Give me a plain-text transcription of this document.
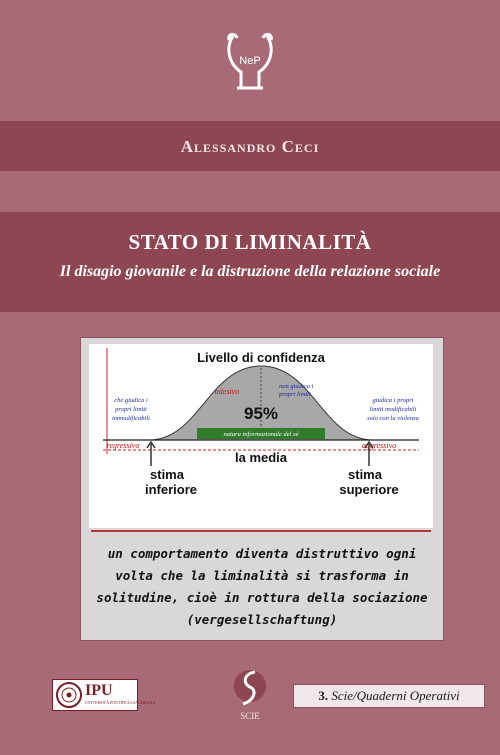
NeP
Alessandro Ceci
STATO DI LIMINALITÀ
Il disagio giovanile e la distruzione della relazione sociale
Livello di confidenza
natura informazionale del sé
95%
adesivo
non giudica i
propri limiti
che giudica i
propri limiti
immodificabili
giudica i propri
limiti modificabili
solo con la violenza
regressivo	aggressivo
la media
stima
inferiore
stima
superiore
un comportamento diventa distruttivo ogni
volta che la liminalità si trasforma in
solitudine, cioè in rottura della sociazione
(vergesellschaftung)
IPU
UNIVERSITÀ PONTIFICIA SALESIANA
SCIE
3. Scie/Quaderni Operativi
